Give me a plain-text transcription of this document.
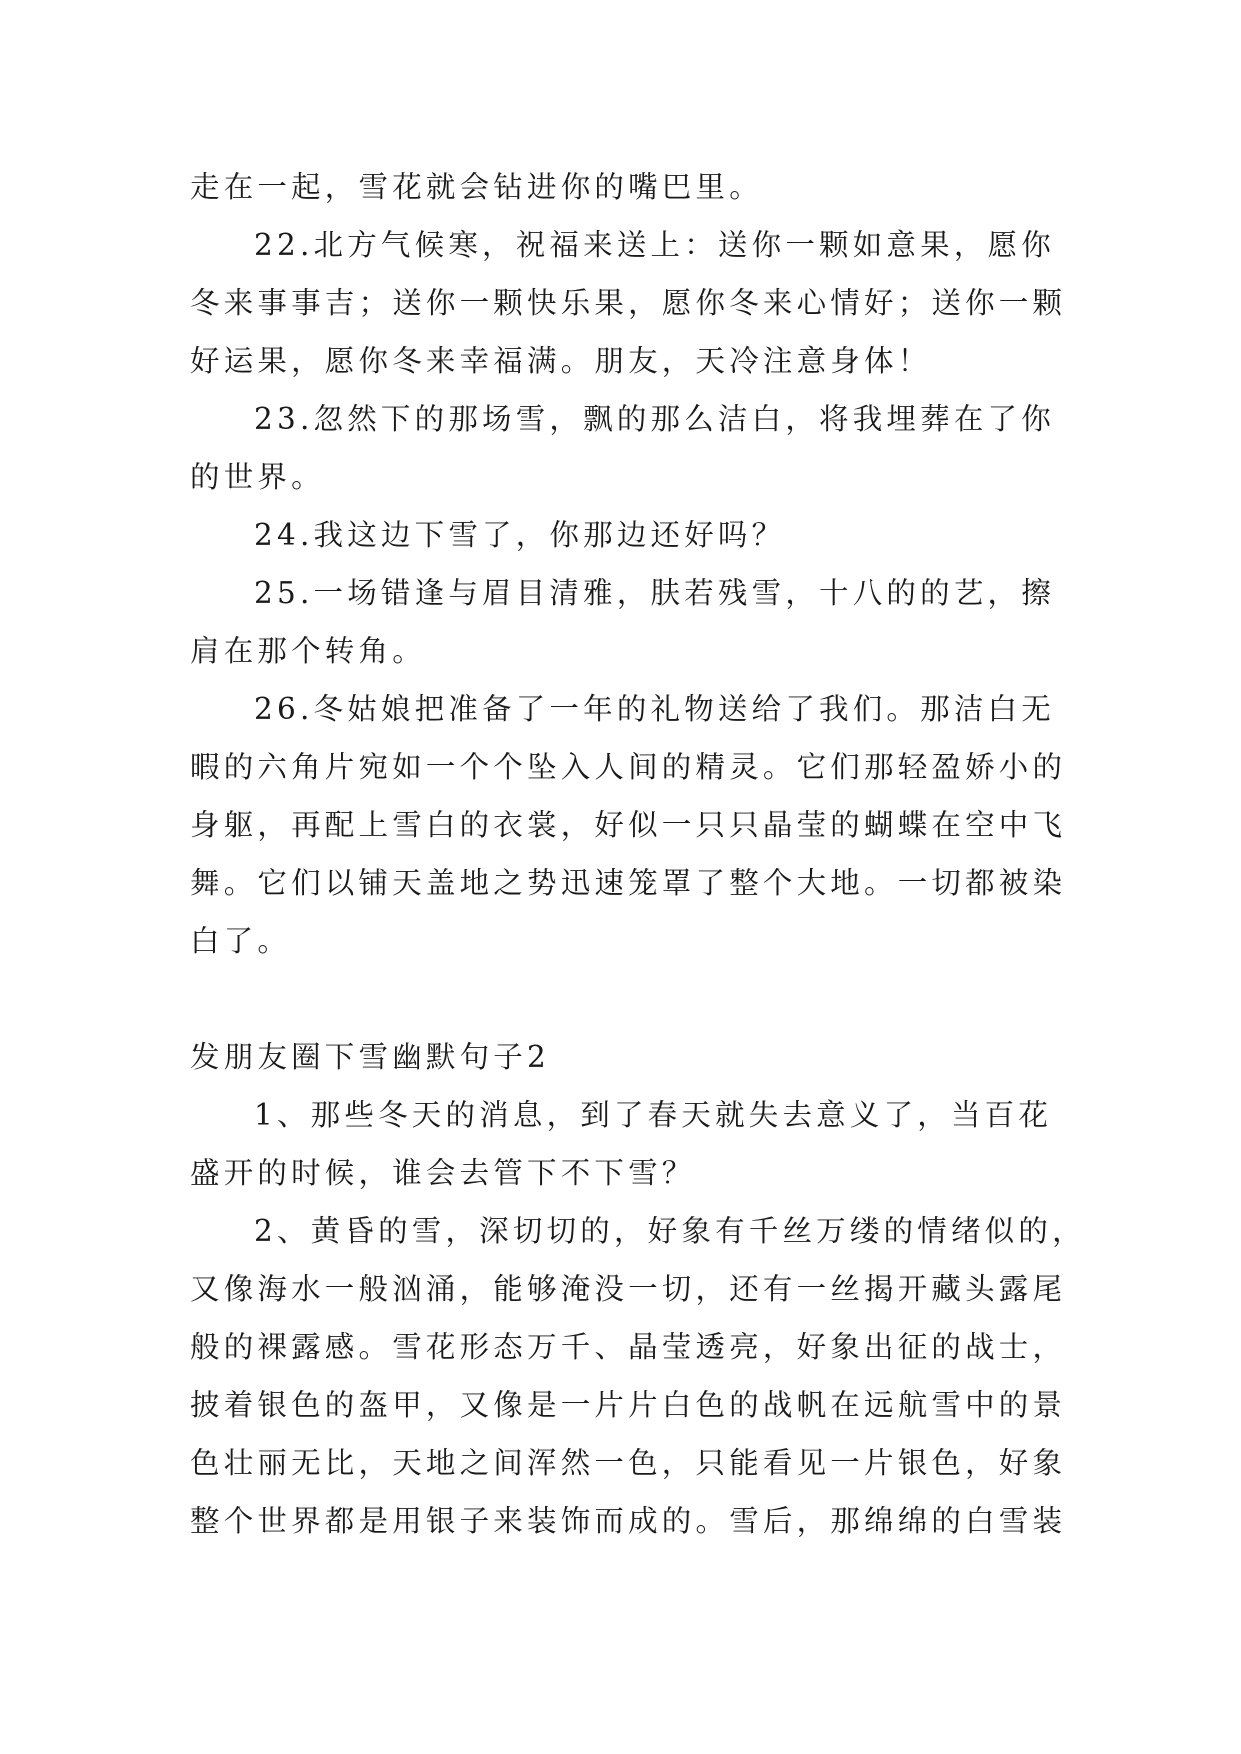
走在一起，雪花就会钻进你的嘴巴里。
22.北方气候寒，祝福来送上：送你一颗如意果，愿你
冬来事事吉；送你一颗快乐果，愿你冬来心情好；送你一颗
好运果，愿你冬来幸福满。朋友，天冷注意身体！
23.忽然下的那场雪，飘的那么洁白，将我埋葬在了你
的世界。
24.我这边下雪了，你那边还好吗？
25.一场错逢与眉目清雅，肤若残雪，十八的的艺，擦
肩在那个转角。
26.冬姑娘把准备了一年的礼物送给了我们。那洁白无
暇的六角片宛如一个个坠入人间的精灵。它们那轻盈娇小的
身躯，再配上雪白的衣裳，好似一只只晶莹的蝴蝶在空中飞
舞。它们以铺天盖地之势迅速笼罩了整个大地。一切都被染
白了。
发朋友圈下雪幽默句子2
1、那些冬天的消息，到了春天就失去意义了，当百花
盛开的时候，谁会去管下不下雪？
2、黄昏的雪，深切切的，好象有千丝万缕的情绪似的，
又像海水一般汹涌，能够淹没一切，还有一丝揭开藏头露尾
般的裸露感。雪花形态万千、晶莹透亮，好象出征的战士，
披着银色的盔甲，又像是一片片白色的战帆在远航雪中的景
色壮丽无比，天地之间浑然一色，只能看见一片银色，好象
整个世界都是用银子来装饰而成的。雪后，那绵绵的白雪装
